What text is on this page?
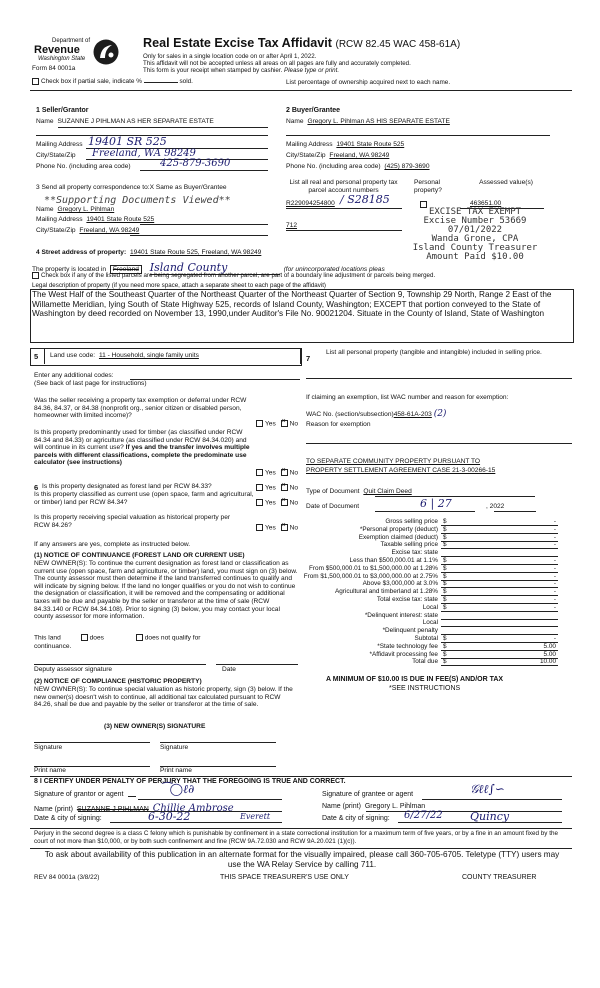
Department of
Revenue
Washington State
Form 84 0001a
Real Estate Excise Tax Affidavit (RCW 82.45 WAC 458-61A)
Only for sales in a single location code on or after April 1, 2022.
This affidavit will not be accepted unless all areas on all pages are fully and accurately completed.
This form is your receipt when stamped by cashier. Please type or print.
Check box if partial sale, indicate %	sold.	List percentage of ownership acquired next to each name.
1 Seller/Grantor
Name SUZANNE J PIHLMAN AS HER SEPARATE ESTATE
Mailing Address 19401 SR 525
City/State/Zip Freeland, WA 98249
Phone No. (including area code)	425-879-3690
2 Buyer/Grantee
Name Gregory L. Pihlman AS HIS SEPARATE ESTATE
Mailing Address 19401 State Route 525
City/State/Zip Freeland, WA 98249
Phone No. (including area code) (425) 879-3690
3 Send all property correspondence to:X Same as Buyer/Grantee
**Supporting Documents Viewed**
Name Gregory L. Pihlman
Mailing Address 19401 State Route 525
City/State/Zip Freeland, WA 98249
List all real and personal property tax parcel account numbers
Personal property?
Assessed value(s)
R229094254800 / S28185	463651.00
712
EXCISE TAX EXEMPT
Excise Number 53669
07/01/2022
Wanda Grone, CPA
Island County Treasurer
Amount Paid $10.00
4 Street address of property: 19401 State Route 525, Freeland, WA 98249
The property is located in Freeland Island County	(for unincorporated locations pleas
Check box if any of the listed parcels are being segregated from another parcel, are part of a boundary line adjustment or parcels being merged.
Legal description of property (if you need more space, attach a separate sheet to each page of the affidavit)
The West Half of the Southeast Quarter of the Northeast Quarter of the Northeast Quarter of Section 9, Township 29 North, Range 2 East of the Willamette Meridian, lying South of State Highway 525, records of Island County, Washington; EXCEPT that portion conveyed to the State of Washington by deed recorded on November 13, 1990,under Auditor's File No. 90021204. Situate in the County of Island, State of Washington
5 Land use code: 11 - Household, single family units
Enter any additional codes:
(See back of last page for instructions)
Was the seller receiving a property tax exemption or deferral under RCW 84.36, 84.37, or 84.38 (nonprofit org., senior citizen or disabled person, homeowner with limited income)?
Yes × No
Is this property predominantly used for timber (as classified under RCW 84.34 and 84.33) or agriculture (as classified under RCW 84.34.020) and will continue in its current use? If yes and the transfer involves multiple parcels with different classifications, complete the predominate use calculator (see instructions)
Yes × No
6 Is this property designated as forest land per RCW 84.33?	Yes × No
Is this property classified as current use (open space, farm and agricultural, or timber) land per RCW 84.34?	Yes × No
Is this property receiving special valuation as historical property per RCW 84.26?	Yes × No
If any answers are yes, complete as instructed below.
(1) NOTICE OF CONTINUANCE (FOREST LAND OR CURRENT USE)
NEW OWNER(S): To continue the current designation as forest land or classification as current use (open space, farm and agriculture, or timber) land, you must sign on (3) below. The county assessor must then determine if the land transferred continues to qualify and will indicate by signing below. If the land no longer qualifies or you do not wish to continue the designation or classification, it will be removed and the compensating or additional taxes will be due and payable by the seller or transferor at the time of sale (RCW 84.33.140 or RCW 84.34.108). Prior to signing (3) below, you may contact your local county assessor for more information.
This land	does	does not qualify for
continuance.
Deputy assessor signature	Date
(2) NOTICE OF COMPLIANCE (HISTORIC PROPERTY)
NEW OWNER(S): To continue special valuation as historic property, sign (3) below. If the new owner(s) doesn't wish to continue, all additional tax calculated pursuant to RCW 84.26, shall be due and payable by the seller or transferor at the time of sale.
(3) NEW OWNER(S) SIGNATURE
Signature	Signature
Print name	Print name
7
List all personal property (tangible and intangible) included in selling price.
If claiming an exemption, list WAC number and reason for exemption:
WAC No. (section/subsection)458-61A-203 (2)
Reason for exemption
TO SEPARATE COMMUNITY PROPERTY PURSUANT TO
PROPERTY SETTLEMENT AGREEMENT CASE 21-3-00266-15
Type of Document Quit Claim Deed
Date of Document	6 | 27	, 2022
Gross selling price $	-
*Personal property (deduct) $	-
Exemption claimed (deduct) $	-
Taxable selling price $	-
Excise tax: state
Less than $500,000.01 at 1.1% $	-
From $500,000.01 to $1,500,000.00 at 1.28% $	-
From $1,500,000.01 to $3,000,000.00 at 2.75% $	-
Above $3,000,000 at 3.0% $	-
Agricultural and timberland at 1.28% $	-
Total excise tax: state $	-
Local $	-
*Delinquent interest: state
Local
*Delinquent penalty
Subtotal $	-
*State technology fee $	5.00
*Affidavit processing fee $	5.00
Total due $	10.00
A MINIMUM OF $10.00 IS DUE IN FEE(S) AND/OR TAX
*SEE INSTRUCTIONS
8 I CERTIFY UNDER PENALTY OF PERJURY THAT THE FOREGOING IS TRUE AND CORRECT.
Signature of grantor or agent	⁀◯ℓ∂
Name (print) SUZANNE J PIHLMAN Chillie Ambrose
Date & city of signing:	6-30-22	Everett
Signature of grantee or agent	𝒢ℓℓ∫∽
Name (print) Gregory L. Pihlman
Date & city of signing: 6/27/22 Quincy
Perjury in the second degree is a class C felony which is punishable by confinement in a state correctional institution for a maximum term of five years, or by a fine in an amount fixed by the court of not more than $10,000, or by both such confinement and fine (RCW 9A.72.030 and RCW 9A.20.021 (1)(c)).
To ask about availability of this publication in an alternate format for the visually impaired, please call 360-705-6705. Teletype (TTY) users may use the WA Relay Service by calling 711.
REV 84 0001a (3/8/22)	THIS SPACE TREASURER'S USE ONLY	COUNTY TREASURER
